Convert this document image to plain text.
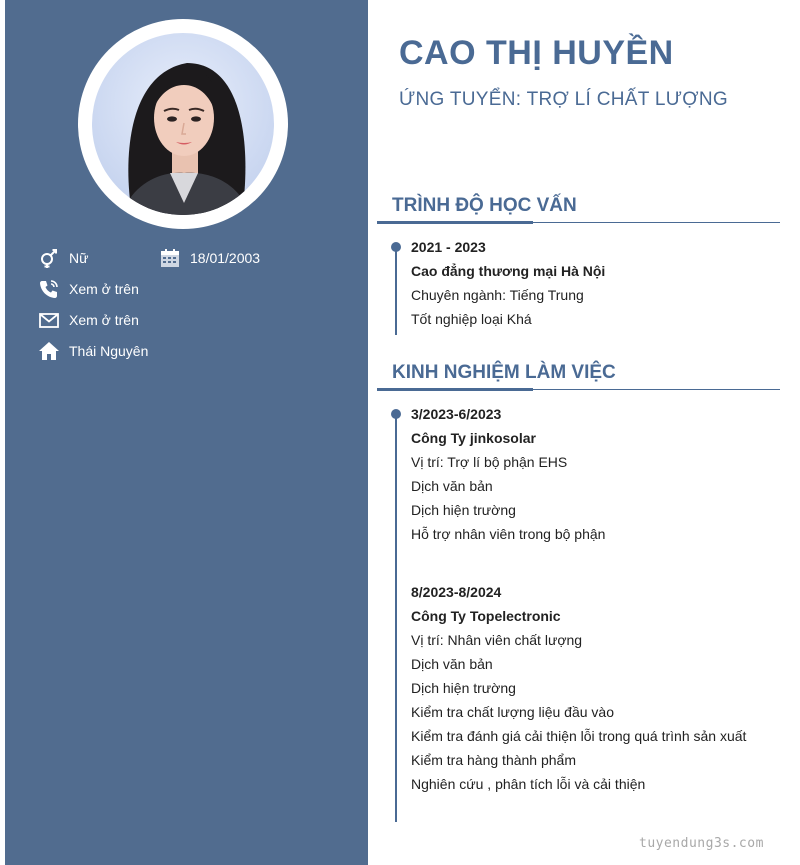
Nữ	18/01/2003
Xem ở trên
Xem ở trên
Thái Nguyên
CAO THỊ HUYỀN
ỨNG TUYỂN: TRỢ LÍ CHẤT LƯỢNG
TRÌNH ĐỘ HỌC VẤN
2021 - 2023
Cao đẳng thương mại Hà Nội
Chuyên ngành: Tiếng Trung
Tốt nghiệp loại Khá
KINH NGHIỆM LÀM VIỆC
3/2023-6/2023
Công Ty jinkosolar
Vị trí: Trợ lí bộ phận EHS
Dịch văn bản
Dịch hiện trường
Hỗ trợ nhân viên trong bộ phận
8/2023-8/2024
Công Ty Topelectronic
Vị trí: Nhân viên chất lượng
Dịch văn bản
Dịch hiện trường
Kiểm tra chất lượng liệu đầu vào
Kiểm tra đánh giá cải thiện lỗi trong quá trình sản xuất
Kiểm tra hàng thành phẩm
Nghiên cứu , phân tích lỗi và cải thiện
tuyendung3s.com
